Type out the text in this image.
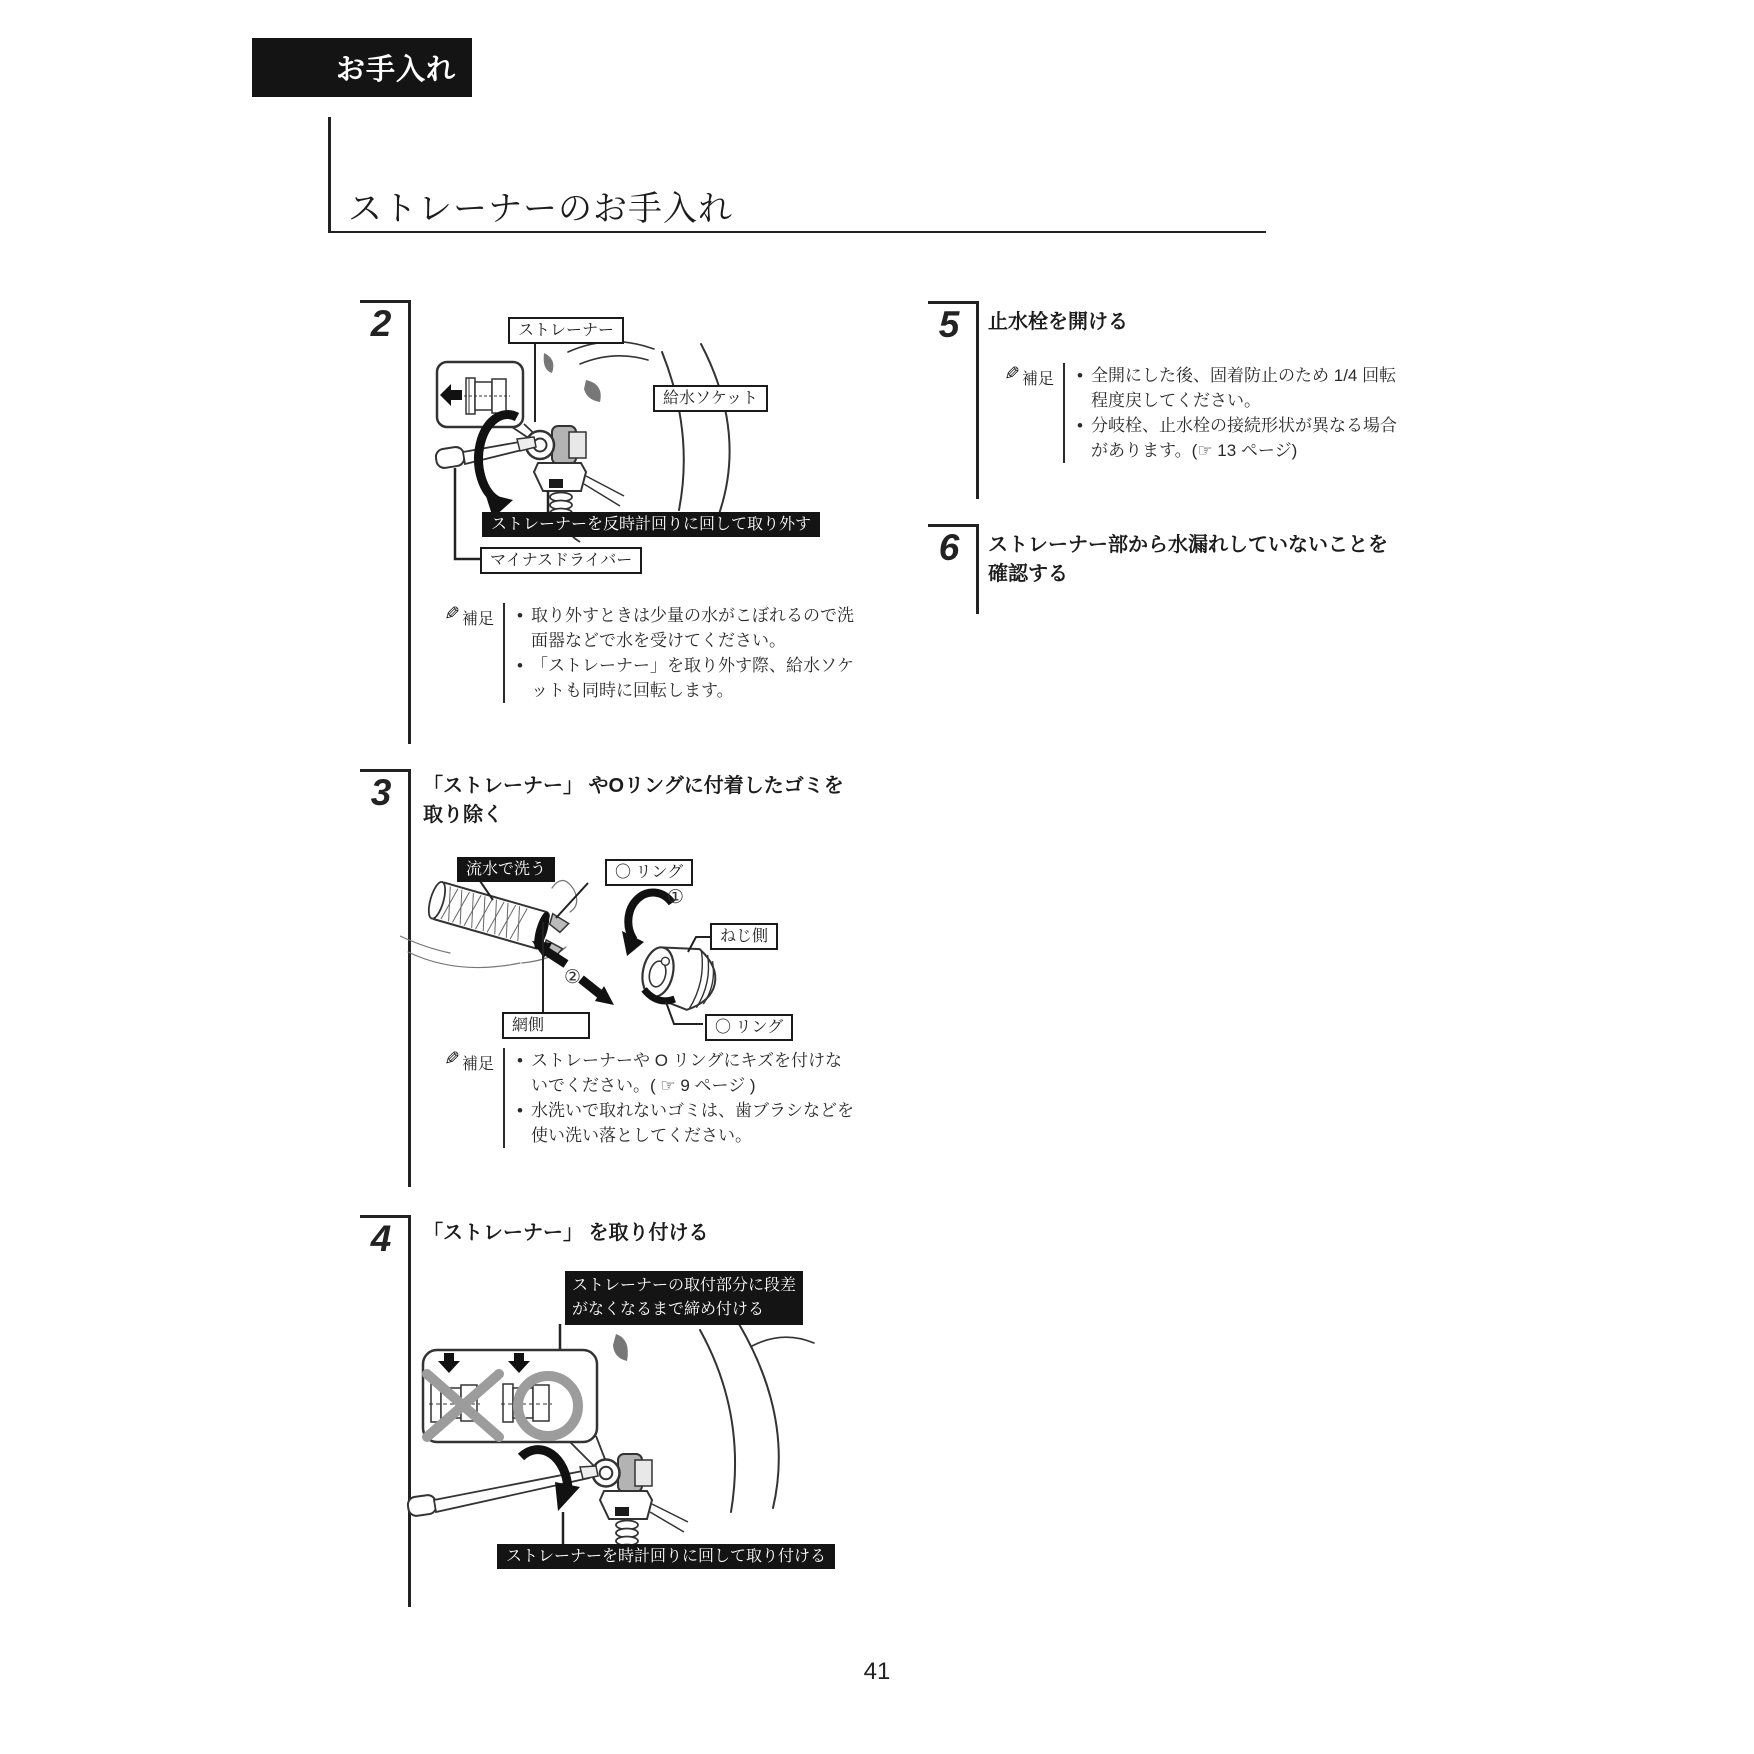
お手入れ
ストレーナーのお手入れ
2	ストレーナー
給水ソケット
ストレーナーを反時計回りに回して取り外す
マイナスドライバー
✎ 補足	• 取り外すときは少量の水がこぼれるので洗面器などで水を受けてください。
• 「ストレーナー」を取り外す際、給水ソケットも同時に回転します。
3	「ストレーナー」 やOリングに付着したゴミを取り除く
流水で洗う	〇 リング
①
ねじ側
②
網側	〇 リング
✎ 補足	• ストレーナーや O リングにキズを付けないでください。( ☞ 9 ページ )
• 水洗いで取れないゴミは、歯ブラシなどを使い洗い落としてください。
4	「ストレーナー」 を取り付ける
ストレーナーの取付部分に段差
がなくなるまで締め付ける
ストレーナーを時計回りに回して取り付ける
5	止水栓を開ける
✎ 補足	• 全開にした後、固着防止のため 1/4 回転程度戻してください。
• 分岐栓、止水栓の接続形状が異なる場合があります。(☞ 13 ページ)
6	ストレーナー部から水漏れしていないことを確認する
41
